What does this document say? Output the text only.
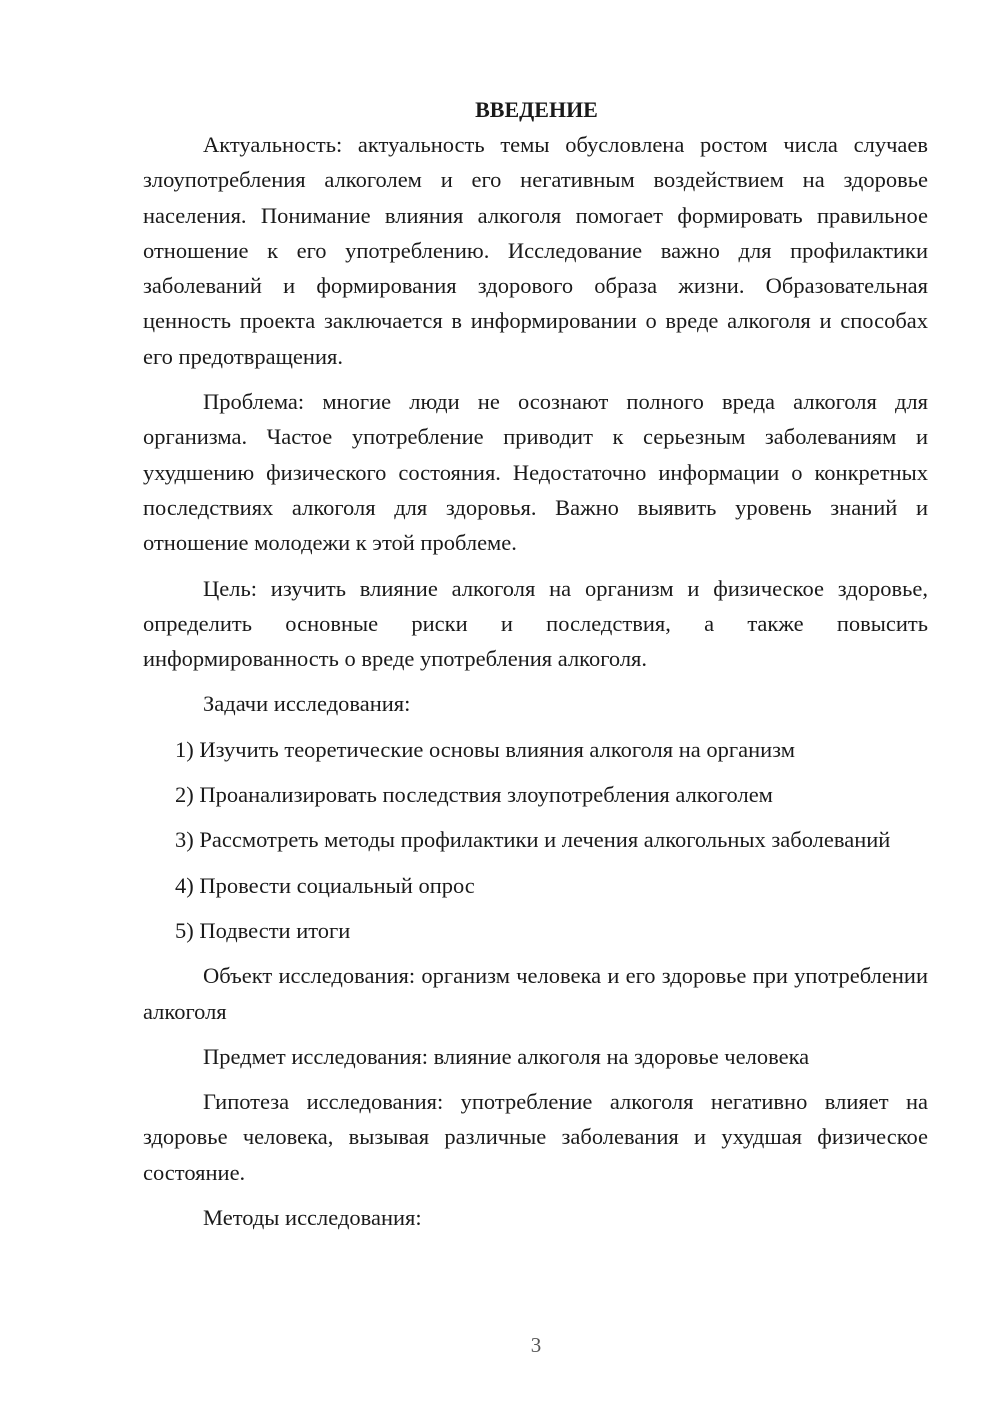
ВВЕДЕНИЕ

Актуальность: актуальность темы обусловлена ростом числа случаев злоупотребления алкоголем и его негативным воздействием на здоровье населения. Понимание влияния алкоголя помогает формировать правильное отношение к его употреблению. Исследование важно для профилактики заболеваний и формирования здорового образа жизни. Образовательная ценность проекта заключается в информировании о вреде алкоголя и способах его предотвращения.

Проблема: многие люди не осознают полного вреда алкоголя для организма. Частое употребление приводит к серьезным заболеваниям и ухудшению физического состояния. Недостаточно информации о конкретных последствиях алкоголя для здоровья. Важно выявить уровень знаний и отношение молодежи к этой проблеме.

Цель: изучить влияние алкоголя на организм и физическое здоровье, определить основные риски и последствия, а также повысить информированность о вреде употребления алкоголя.

Задачи исследования:

1) Изучить теоретические основы влияния алкоголя на организм

2) Проанализировать последствия злоупотребления алкоголем

3) Рассмотреть методы профилактики и лечения алкогольных заболеваний

4) Провести социальный опрос

5) Подвести итоги

Объект исследования: организм человека и его здоровье при употреблении алкоголя

Предмет исследования: влияние алкоголя на здоровье человека

Гипотеза исследования: употребление алкоголя негативно влияет на здоровье человека, вызывая различные заболевания и ухудшая физическое состояние.

Методы исследования:

3
